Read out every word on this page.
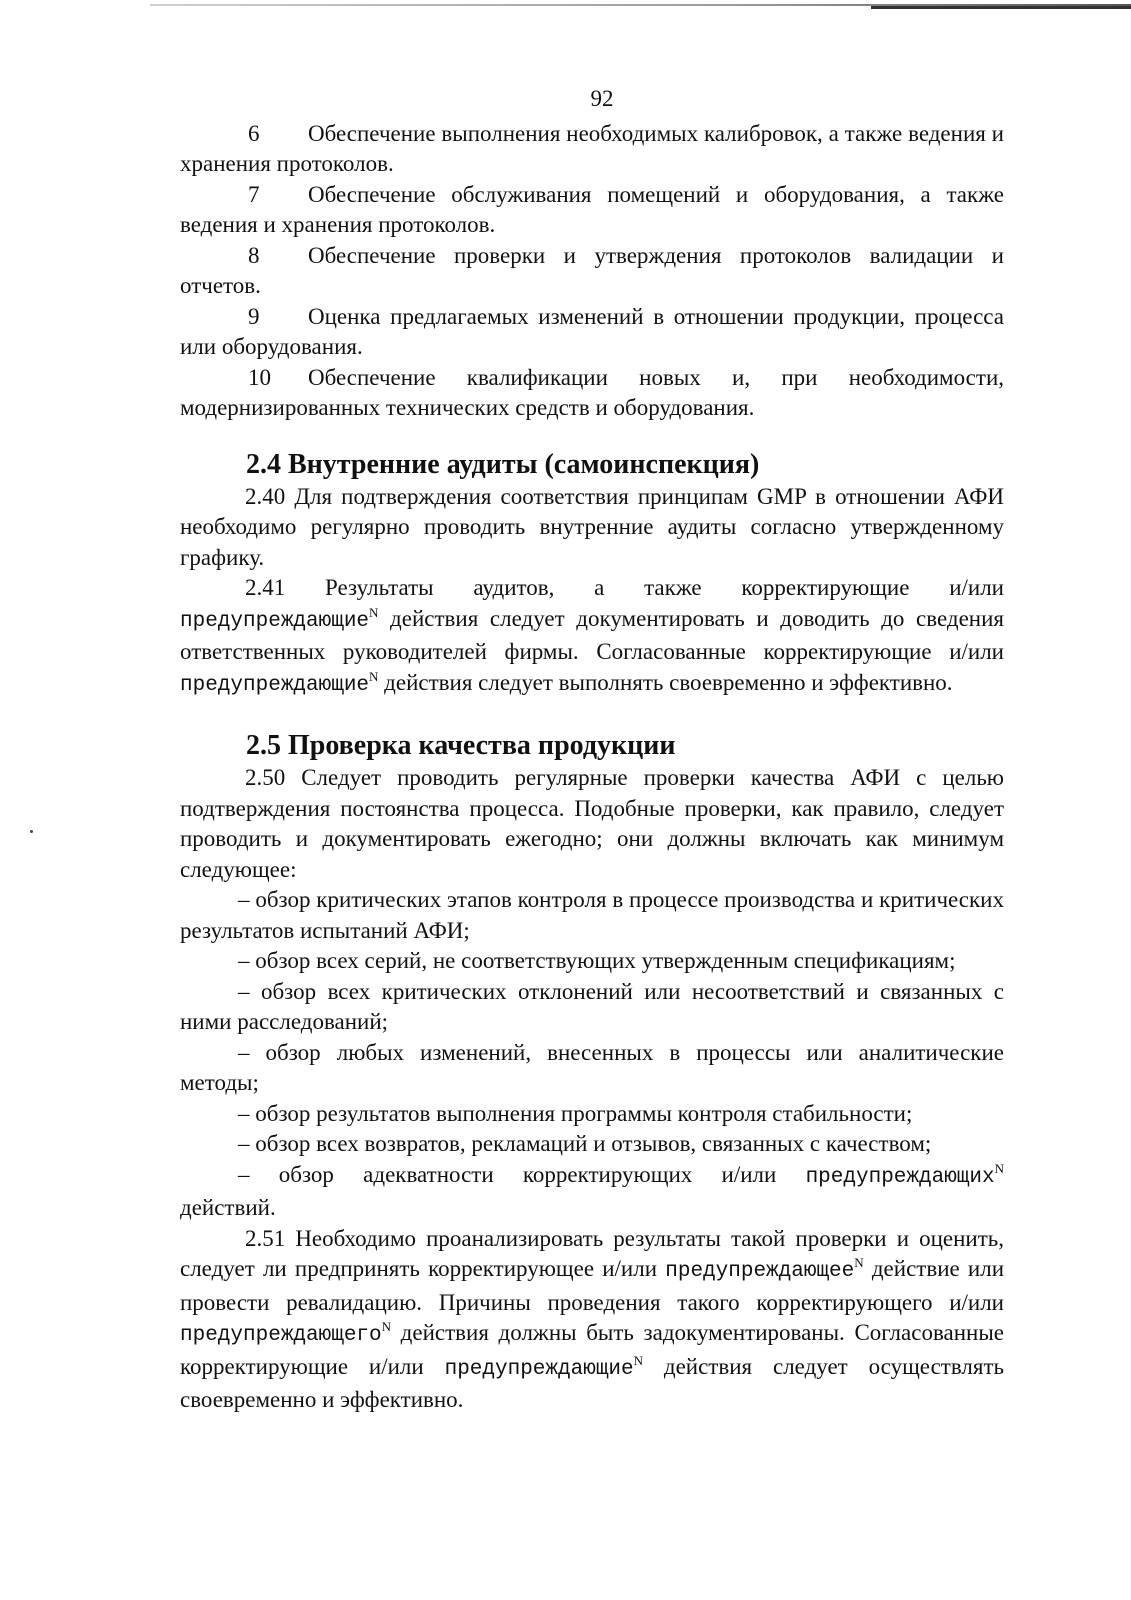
92

6 Обеспечение выполнения необходимых калибровок, а также ведения и хранения протоколов.

7 Обеспечение обслуживания помещений и оборудования, а также ведения и хранения протоколов.

8 Обеспечение проверки и утверждения протоколов валидации и отчетов.

9 Оценка предлагаемых изменений в отношении продукции, процесса или оборудования.

10 Обеспечение квалификации новых и, при необходимости, модернизированных технических средств и оборудования.

2.4 Внутренние аудиты (самоинспекция)

2.40 Для подтверждения соответствия принципам GMP в отношении АФИ необходимо регулярно проводить внутренние аудиты согласно утвержденному графику.

2.41 Результаты аудитов, а также корректирующие и/или предупреждающие$^N$ действия следует документировать и доводить до сведения ответственных руководителей фирмы. Согласованные корректирующие и/или предупреждающие$^N$ действия следует выполнять своевременно и эффективно.

2.5 Проверка качества продукции

2.50 Следует проводить регулярные проверки качества АФИ с целью подтверждения постоянства процесса. Подобные проверки, как правило, следует проводить и документировать ежегодно; они должны включать как минимум следующее:

– обзор критических этапов контроля в процессе производства и критических результатов испытаний АФИ;

– обзор всех серий, не соответствующих утвержденным спецификациям;

– обзор всех критических отклонений или несоответствий и связанных с ними расследований;

– обзор любых изменений, внесенных в процессы или аналитические методы;

– обзор результатов выполнения программы контроля стабильности;

– обзор всех возвратов, рекламаций и отзывов, связанных с качеством;

– обзор адекватности корректирующих и/или предупреждающих$^N$ действий.

2.51 Необходимо проанализировать результаты такой проверки и оценить, следует ли предпринять корректирующее и/или предупреждающее$^N$ действие или провести ревалидацию. Причины проведения такого корректирующего и/или предупреждающего$^N$ действия должны быть задокументированы. Согласованные корректирующие и/или предупреждающие$^N$ действия следует осуществлять своевременно и эффективно.
